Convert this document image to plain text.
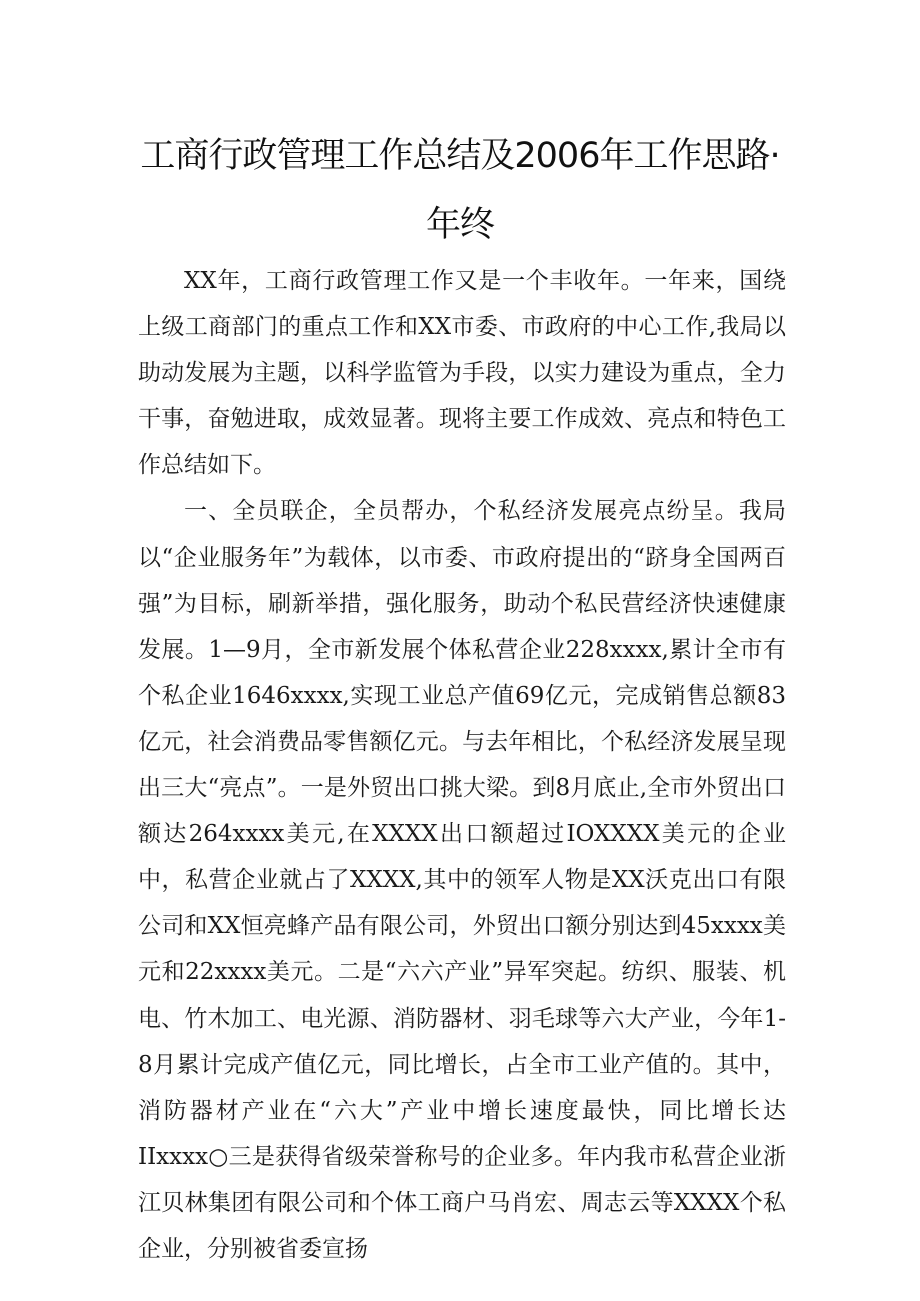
工商行政管理工作总结及2006年工作思路·
年终

XX年，工商行政管理工作又是一个丰收年。一年来，国绕上级工商部门的重点工作和XX市委、市政府的中心工作,我局以助动发展为主题，以科学监管为手段，以实力建设为重点，全力干事，奋勉进取，成效显著。现将主要工作成效、亮点和特色工作总结如下。

一、全员联企，全员帮办，个私经济发展亮点纷呈。我局以“企业服务年”为载体，以市委、市政府提出的“跻身全国两百强”为目标，刷新举措，强化服务，助动个私民营经济快速健康发展。1—9月，全市新发展个体私营企业228xxxx,累计全市有个私企业1646xxxx,实现工业总产值69亿元，完成销售总额83亿元，社会消费品零售额亿元。与去年相比，个私经济发展呈现出三大“亮点”。一是外贸出口挑大梁。到8月底止,全市外贸出口额达264xxxx美元,在XXXX出口额超过IOXXXX美元的企业中，私营企业就占了XXXX,其中的领军人物是XX沃克出口有限公司和XX恒亮蜂产品有限公司，外贸出口额分别达到45xxxx美元和22xxxx美元。二是“六六产业”异军突起。纺织、服装、机电、竹木加工、电光源、消防器材、羽毛球等六大产业，今年1-8月累计完成产值亿元，同比增长，占全市工业产值的。其中，消防器材产业在“六大”产业中增长速度最快，同比增长达IIxxxx○三是获得省级荣誉称号的企业多。年内我市私营企业浙江贝林集团有限公司和个体工商户马肖宏、周志云等XXXX个私企业，分别被省委宣扬
